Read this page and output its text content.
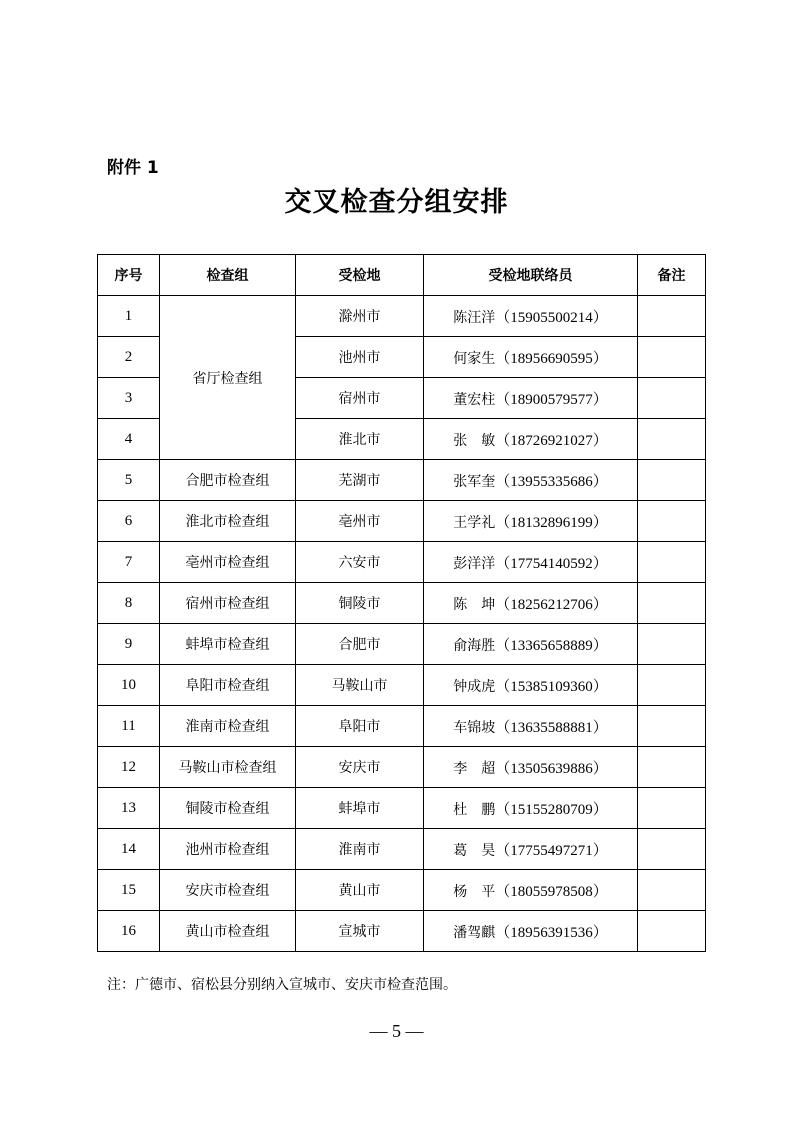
附件 1
交叉检查分组安排
序号	检查组	受检地	受检地联络员	备注
1	省厅检查组	滁州市	陈汪洋（15905500214）	
2		池州市	何家生（18956690595）	
3		宿州市	董宏柱（18900579577）	
4		淮北市	张　敏（18726921027）	
5	合肥市检查组	芜湖市	张军奎（13955335686）	
6	淮北市检查组	亳州市	王学礼（18132896199）	
7	亳州市检查组	六安市	彭洋洋（17754140592）	
8	宿州市检查组	铜陵市	陈　坤（18256212706）	
9	蚌埠市检查组	合肥市	俞海胜（13365658889）	
10	阜阳市检查组	马鞍山市	钟成虎（15385109360）	
11	淮南市检查组	阜阳市	车锦坡（13635588881）	
12	马鞍山市检查组	安庆市	李　超（13505639886）	
13	铜陵市检查组	蚌埠市	杜　鹏（15155280709）	
14	池州市检查组	淮南市	葛　昊（17755497271）	
15	安庆市检查组	黄山市	杨　平（18055978508）	
16	黄山市检查组	宣城市	潘驾麒（18956391536）	
注：广德市、宿松县分别纳入宣城市、安庆市检查范围。
— 5 —
